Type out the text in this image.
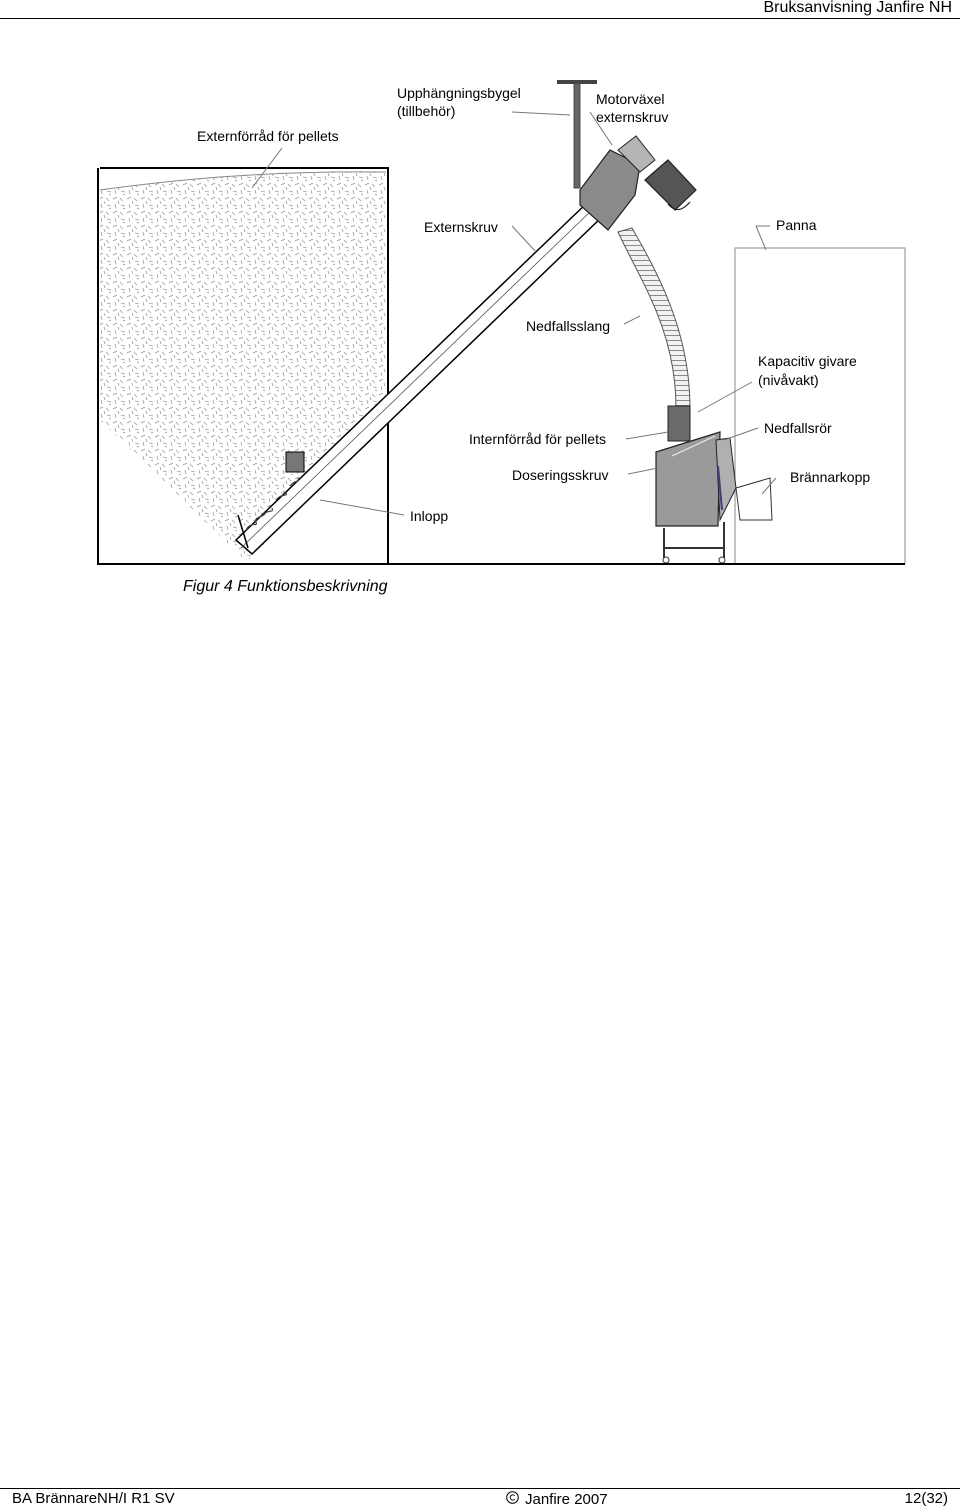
Bruksanvisning Janfire NH
Externförråd för pellets
Upphängningsbygel
(tillbehör)
Motorväxel
externskruv
Externskruv	Panna
Nedfallsslang
Kapacitiv givare
(nivåvakt)
Internförråd för pellets
Nedfallsrör
Doseringsskruv	Brännarkopp
Inlopp
Figur 4 Funktionsbeskrivning
BA BrännareNH/I R1 SV	Janfire 2007	12(32)
